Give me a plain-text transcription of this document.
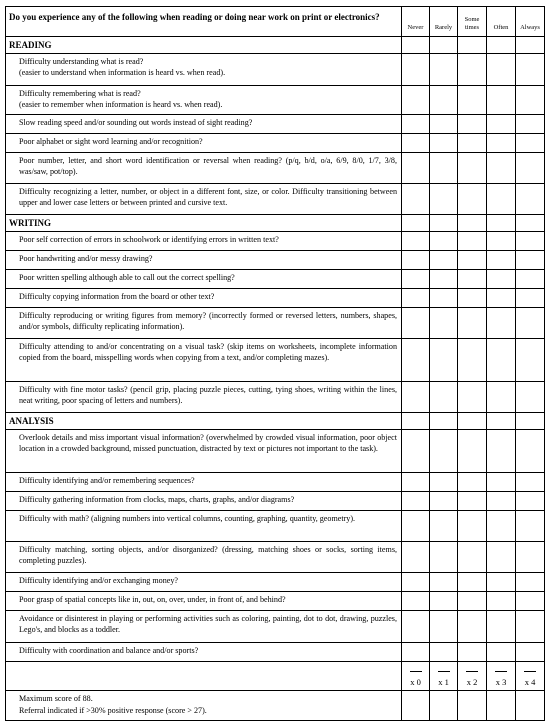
Do you experience any of the following when reading or doing near work on print or electronics?	Never	Rarely	Some times	Often	Always
READING					
Difficulty understanding what is read?
(easier to understand when information is heard vs. when read).					
Difficulty remembering what is read?
(easier to remember when information is heard vs. when read).					
Slow reading speed and/or sounding out words instead of sight reading?					
Poor alphabet or sight word learning and/or recognition?					
Poor number, letter, and short word identification or reversal when reading? (p/q, b/d, o/a, 6/9, 8/0, 1/7, 3/8, was/saw, pot/top).					
Difficulty recognizing a letter, number, or object in a different font, size, or color. Difficulty transitioning between upper and lower case letters or between printed and cursive text.					
WRITING					
Poor self correction of errors in schoolwork or identifying errors in written text?					
Poor handwriting and/or messy drawing?					
Poor written spelling although able to call out the correct spelling?					
Difficulty copying information from the board or other text?					
Difficulty reproducing or writing figures from memory? (incorrectly formed or reversed letters, numbers, shapes, and/or symbols, difficulty replicating information).					
Difficulty attending to and/or concentrating on a visual task? (skip items on worksheets, incomplete information copied from the board, misspelling words when copying from a text, and/or completing mazes).					
Difficulty with fine motor tasks? (pencil grip, placing puzzle pieces, cutting, tying shoes, writing within the lines, neat writing, poor spacing of letters and numbers).					
ANALYSIS					
Overlook details and miss important visual information? (overwhelmed by crowded visual information, poor object location in a crowded background, missed punctuation, distracted by text or pictures not important to the task).					
Difficulty identifying and/or remembering sequences?					
Difficulty gathering information from clocks, maps, charts, graphs, and/or diagrams?					
Difficulty with math? (aligning numbers into vertical columns, counting, graphing, quantity, geometry).					
Difficulty matching, sorting objects, and/or disorganized? (dressing, matching shoes or socks, sorting items, completing puzzles).					
Difficulty identifying and/or exchanging money?					
Poor grasp of spatial concepts like in, out, on, over, under, in front of, and behind?					
Avoidance or disinterest in playing or performing activities such as coloring, painting, dot to dot, drawing, puzzles, Lego's, and blocks as a toddler.					
Difficulty with coordination and balance and/or sports?					

x 0	x 1	x 2	x 3	x 4
Maximum score of 88.
Referral indicated if >30% positive response (score > 27).					
